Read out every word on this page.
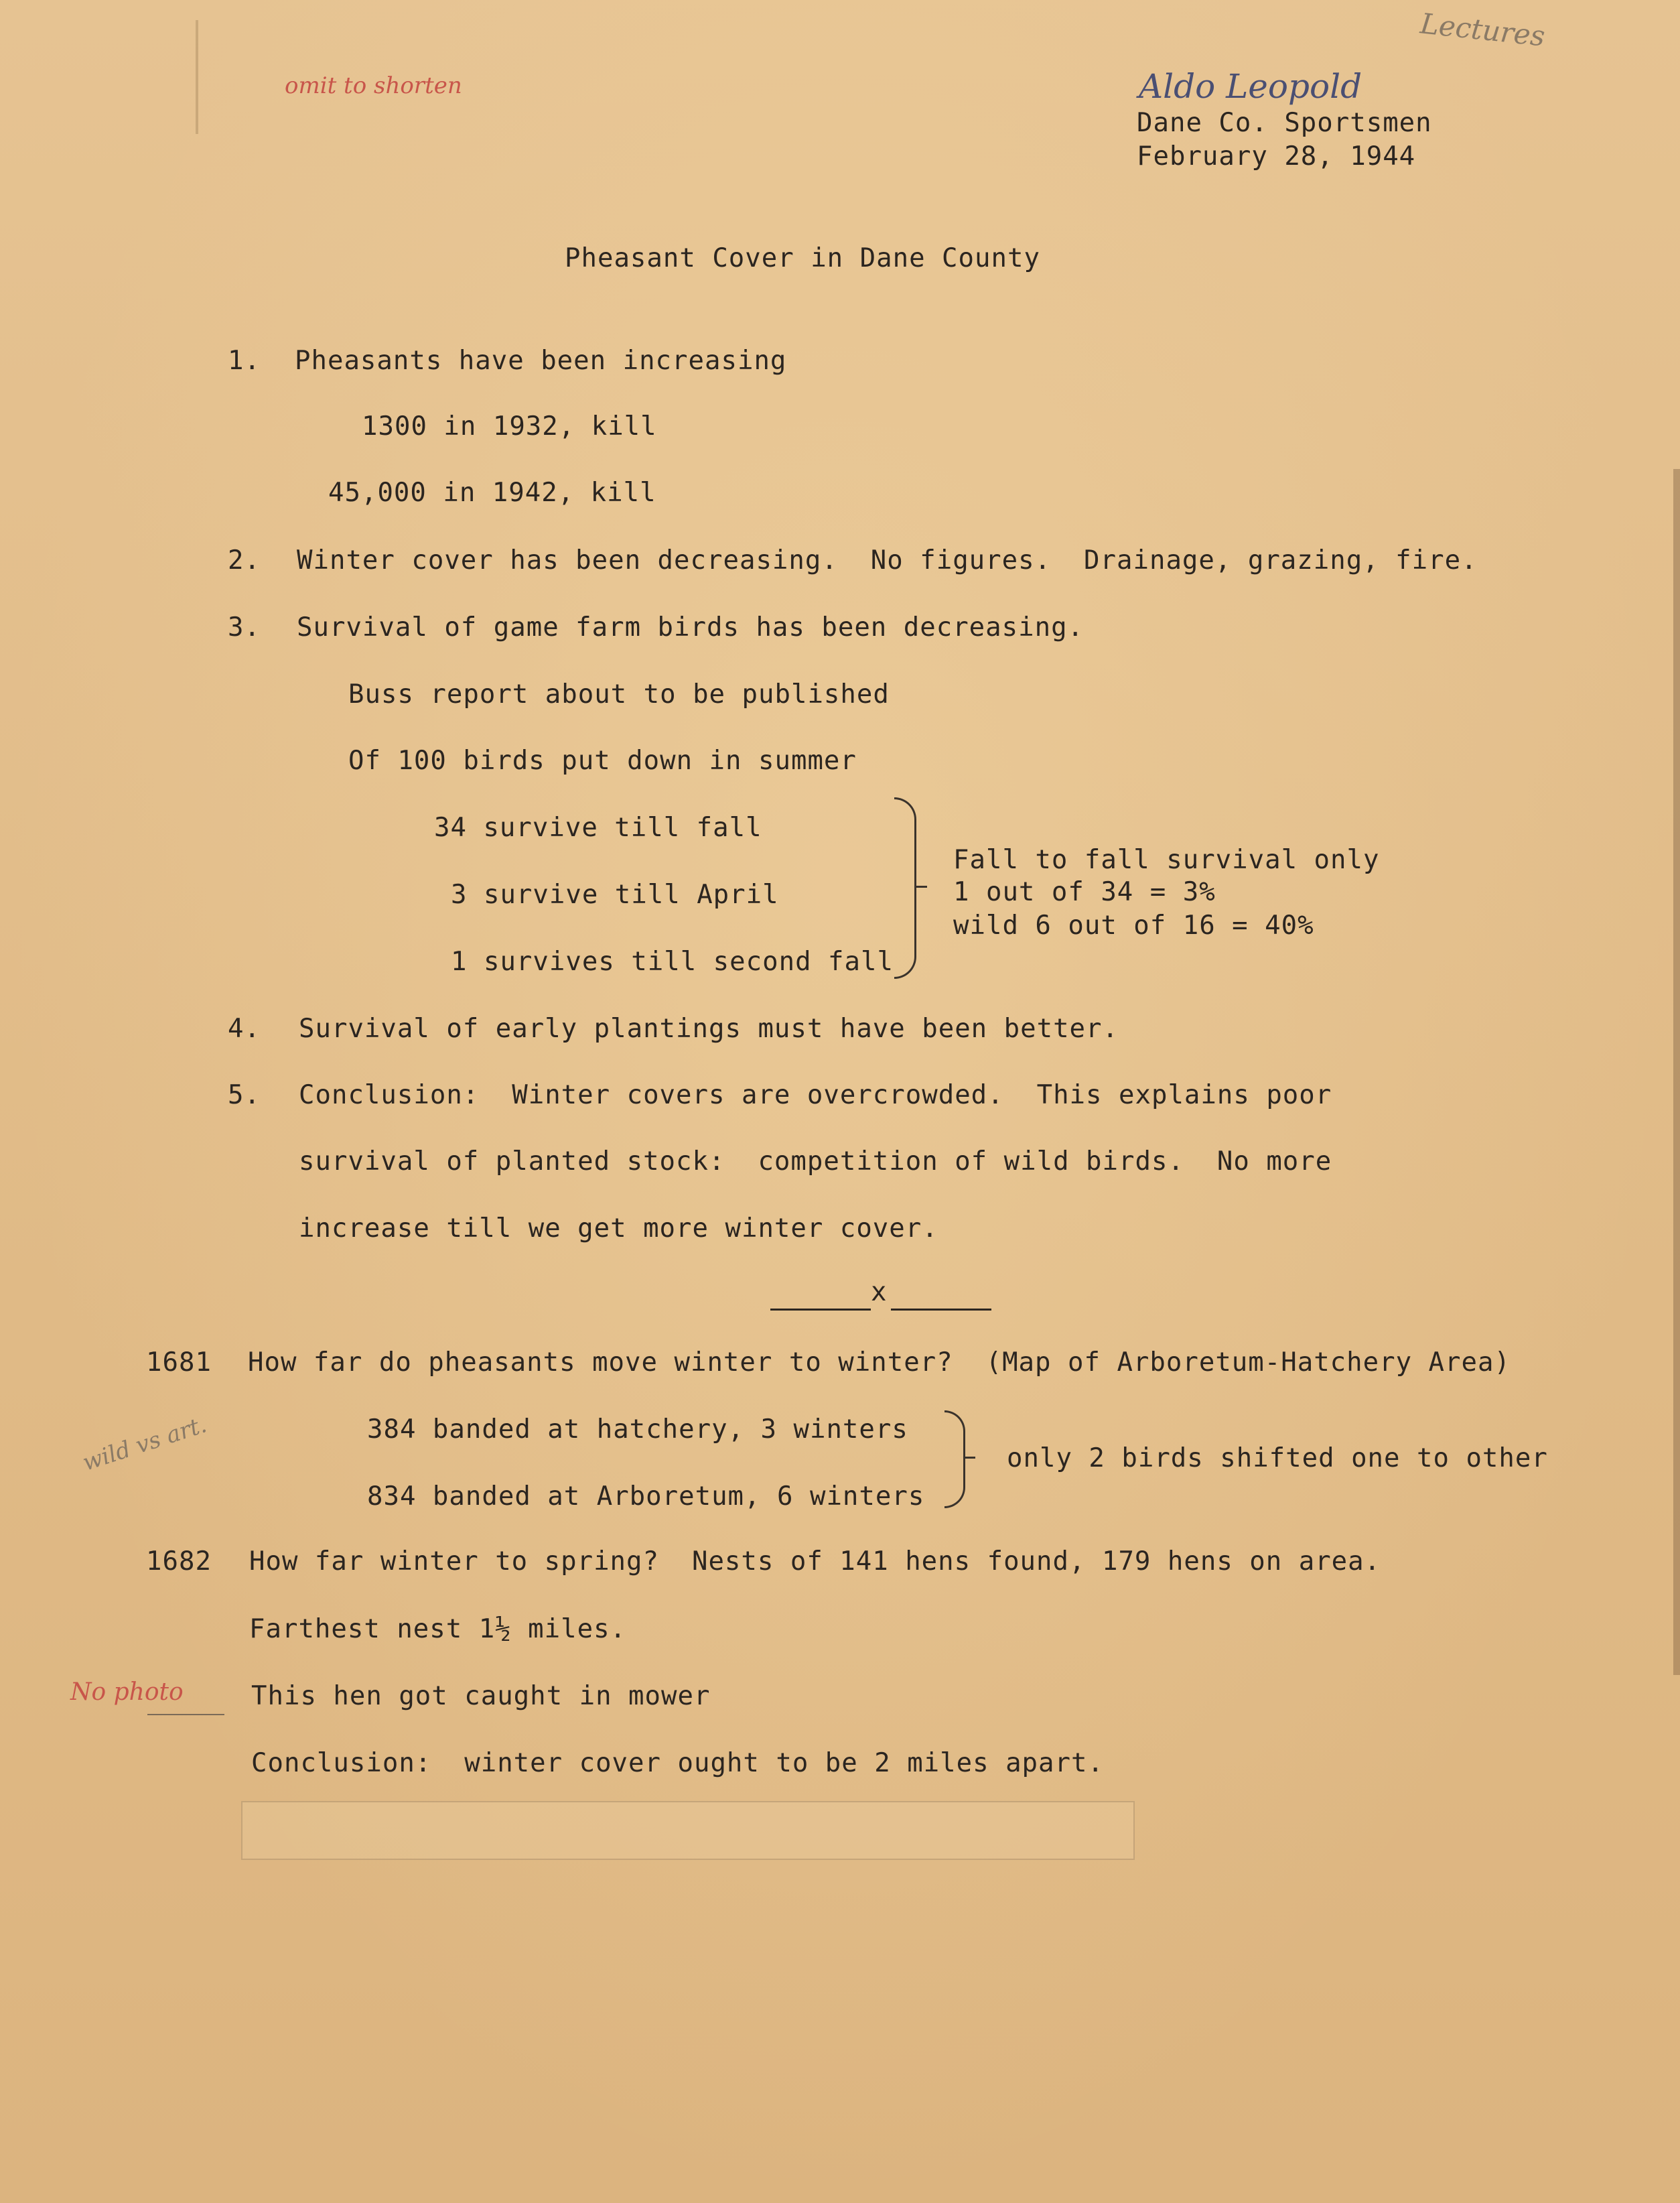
omit to shorten
Lectures
Aldo Leopold
Dane Co. Sportsmen
February 28, 1944
Pheasant Cover in Dane County
1. Pheasants have been increasing
1300 in 1932, kill
45,000 in 1942, kill
2. Winter cover has been decreasing.  No figures.  Drainage, grazing, fire.
3. Survival of game farm birds has been decreasing.
Buss report about to be published
Of 100 birds put down in summer
34 survive till fall
3 survive till April
1 survives till second fall
Fall to fall survival only
1 out of 34 = 3%
wild 6 out of 16 = 40%
4. Survival of early plantings must have been better.
5. Conclusion:  Winter covers are overcrowded.  This explains poor
survival of planted stock:  competition of wild birds.  No more
increase till we get more winter cover.
x
1681 How far do pheasants move winter to winter?  (Map of Arboretum-Hatchery Area)
wild vs art.	384 banded at hatchery, 3 winters
834 banded at Arboretum, 6 winters
only 2 birds shifted one to other
1682 How far winter to spring?  Nests of 141 hens found, 179 hens on area.
Farthest nest 1½ miles.
No photo	This hen got caught in mower
Conclusion:  winter cover ought to be 2 miles apart.
